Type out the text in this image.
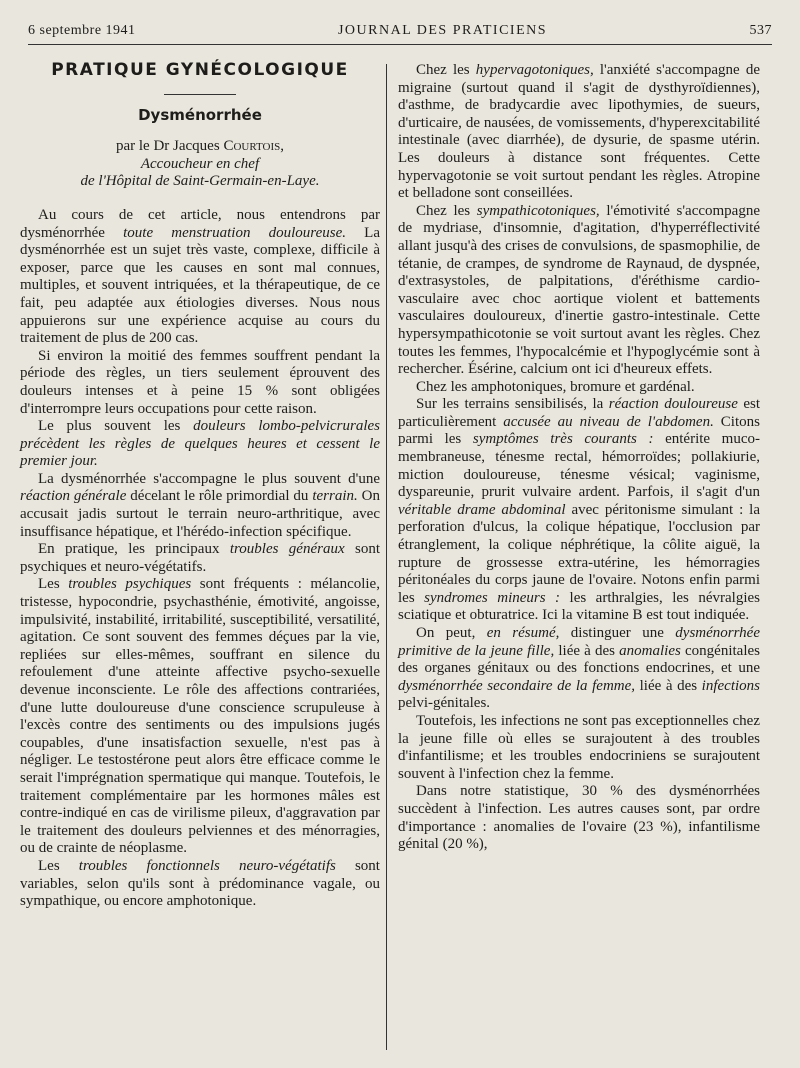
6 septembre 1941	JOURNAL DES PRATICIENS	537
PRATIQUE GYNÉCOLOGIQUE
Dysménorrhée

par le Dr Jacques Courtois,

Accoucheur en chef

de l'Hôpital de Saint-Germain-en-Laye.

Au cours de cet article, nous entendrons par dysménorrhée toute menstruation douloureuse. La dysménorrhée est un sujet très vaste, complexe, difficile à exposer, parce que les causes en sont mal connues, multiples, et souvent intriquées, et la thérapeutique, de ce fait, peu adaptée aux étiologies diverses. Nous nous appuierons sur une expérience acquise au cours du traitement de plus de 200 cas.

Si environ la moitié des femmes souffrent pendant la période des règles, un tiers seulement éprouvent des douleurs intenses et à peine 15 % sont obligées d'interrompre leurs occupations pour cette raison.

Le plus souvent les douleurs lombo-pelvicrurales précèdent les règles de quelques heures et cessent le premier jour.

La dysménorrhée s'accompagne le plus souvent d'une réaction générale décelant le rôle primordial du terrain. On accusait jadis surtout le terrain neuro-arthritique, avec insuffisance hépatique, et l'hérédo-infection spécifique.

En pratique, les principaux troubles généraux sont psychiques et neuro-végétatifs.

Les troubles psychiques sont fréquents : mélancolie, tristesse, hypocondrie, psychasthénie, émotivité, angoisse, impulsivité, instabilité, irritabilité, susceptibilité, versatilité, agitation. Ce sont souvent des femmes déçues par la vie, repliées sur elles-mêmes, souffrant en silence du refoulement d'une atteinte affective psycho-sexuelle devenue inconsciente. Le rôle des affections contrariées, d'une lutte douloureuse d'une conscience scrupuleuse à l'excès contre des sentiments ou des impulsions jugés coupables, d'une insatisfaction sexuelle, n'est pas à négliger. Le testostérone peut alors être efficace comme le serait l'imprégnation spermatique qui manque. Toutefois, le traitement complémentaire par les hormones mâles est contre-indiqué en cas de virilisme pileux, d'aggravation par le traitement des douleurs pelviennes et des ménorragies, ou de crainte de néoplasme.

Les troubles fonctionnels neuro-végétatifs sont variables, selon qu'ils sont à prédominance vagale, ou sympathique, ou encore amphotonique.

Chez les hypervagotoniques, l'anxiété s'accompagne de migraine (surtout quand il s'agit de dysthyroïdiennes), d'asthme, de bradycardie avec lipothymies, de sueurs, d'urticaire, de nausées, de vomissements, d'hyperexcitabilité intestinale (avec diarrhée), de dysurie, de spasme utérin. Les douleurs à distance sont fréquentes. Cette hypervagotonie se voit surtout pendant les règles. Atropine et belladone sont conseillées.

Chez les sympathicotoniques, l'émotivité s'accompagne de mydriase, d'insomnie, d'agitation, d'hyperréflectivité allant jusqu'à des crises de convulsions, de spasmophilie, de tétanie, de crampes, de syndrome de Raynaud, de dyspnée, d'extrasystoles, de palpitations, d'éréthisme cardio-vasculaire avec choc aortique violent et battements vasculaires douloureux, d'inertie gastro-intestinale. Cette hypersympathicotonie se voit surtout avant les règles. Chez toutes les femmes, l'hypocalcémie et l'hypoglycémie sont à rechercher. Ésérine, calcium ont ici d'heureux effets.

Chez les amphotoniques, bromure et gardénal.

Sur les terrains sensibilisés, la réaction douloureuse est particulièrement accusée au niveau de l'abdomen. Citons parmi les symptômes très courants : entérite muco-membraneuse, ténesme rectal, hémorroïdes; pollakiurie, miction douloureuse, ténesme vésical; vaginisme, dyspareunie, prurit vulvaire ardent. Parfois, il s'agit d'un véritable drame abdominal avec péritonisme simulant : la perforation d'ulcus, la colique hépatique, l'occlusion par étranglement, la colique néphrétique, la côlite aiguë, la rupture de grossesse extra-utérine, les hémorragies péritonéales du corps jaune de l'ovaire. Notons enfin parmi les syndromes mineurs : les arthralgies, les névralgies sciatique et obturatrice. Ici la vitamine B est tout indiquée.

On peut, en résumé, distinguer une dysménorrhée primitive de la jeune fille, liée à des anomalies congénitales des organes génitaux ou des fonctions endocrines, et une dysménorrhée secondaire de la femme, liée à des infections pelvi-génitales.

Toutefois, les infections ne sont pas exceptionnelles chez la jeune fille où elles se surajoutent à des troubles d'infantilisme; et les troubles endocriniens se surajoutent souvent à l'infection chez la femme.

Dans notre statistique, 30 % des dysménorrhées succèdent à l'infection. Les autres causes sont, par ordre d'importance : anomalies de l'ovaire (23 %), infantilisme génital (20 %),
